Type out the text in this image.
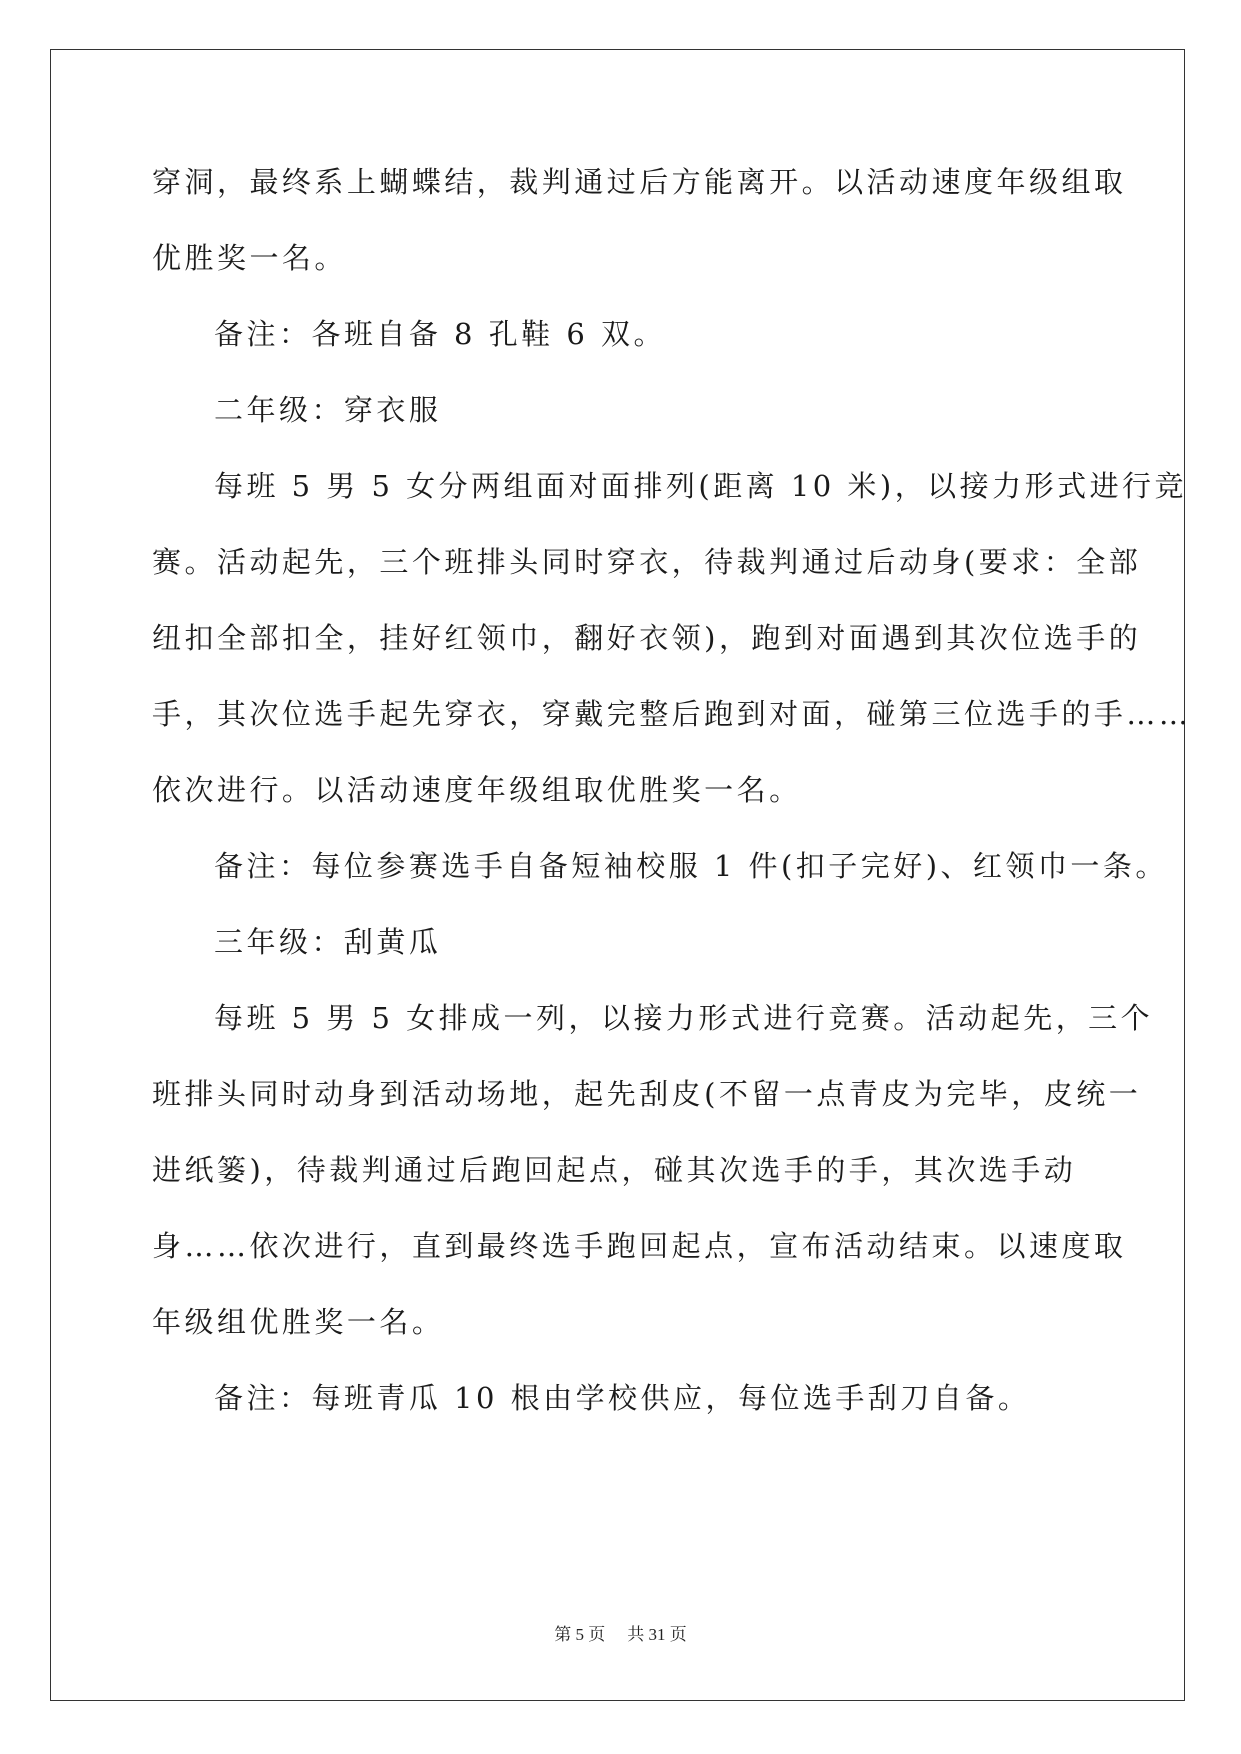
穿洞，最终系上蝴蝶结，裁判通过后方能离开。以活动速度年级组取
优胜奖一名。
备注：各班自备 8 孔鞋 6 双。
二年级：穿衣服
每班 5 男 5 女分两组面对面排列(距离 10 米)，以接力形式进行竞
赛。活动起先，三个班排头同时穿衣，待裁判通过后动身(要求：全部
纽扣全部扣全，挂好红领巾，翻好衣领)，跑到对面遇到其次位选手的
手，其次位选手起先穿衣，穿戴完整后跑到对面，碰第三位选手的手……
依次进行。以活动速度年级组取优胜奖一名。
备注：每位参赛选手自备短袖校服 1 件(扣子完好)、红领巾一条。
三年级：刮黄瓜
每班 5 男 5 女排成一列，以接力形式进行竞赛。活动起先，三个
班排头同时动身到活动场地，起先刮皮(不留一点青皮为完毕，皮统一
进纸篓)，待裁判通过后跑回起点，碰其次选手的手，其次选手动
身……依次进行，直到最终选手跑回起点，宣布活动结束。以速度取
年级组优胜奖一名。
备注：每班青瓜 10 根由学校供应，每位选手刮刀自备。
第 5 页 共 31 页
